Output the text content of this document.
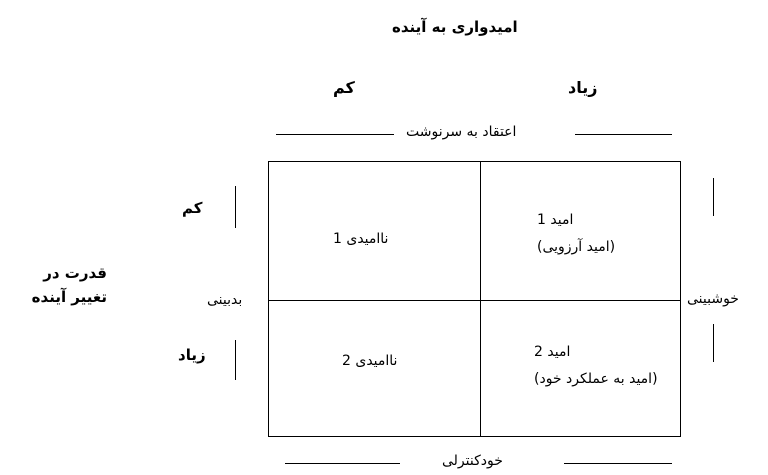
امیدواری به آینده
زیاد
کم
اعتقاد به سرنوشت
قدرت در
تغییر آینده
کم
زیاد
بدبینی	خوشبینی
ناامیدی 1
امید 1
(امید آرزویی)
ناامیدی 2
امید 2
(امید به عملکرد خود)
خودکنترلی
